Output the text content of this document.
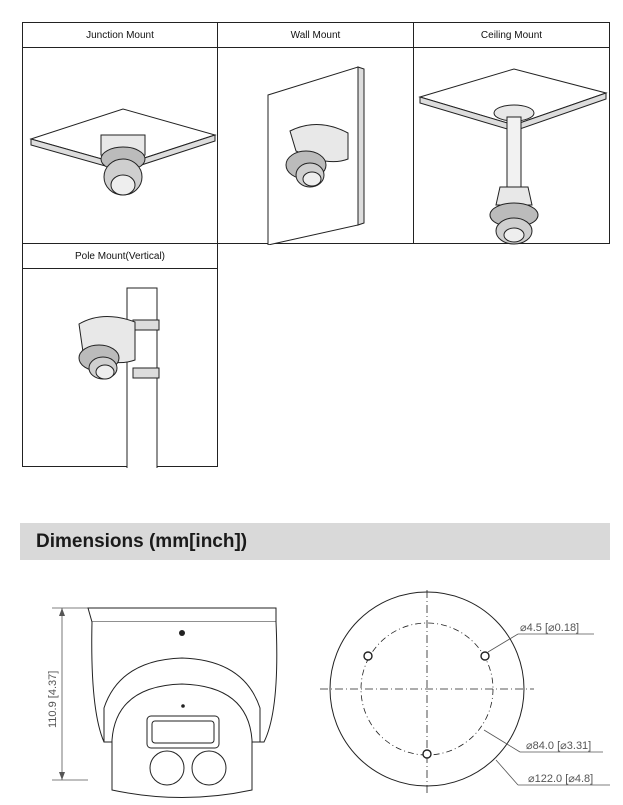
Junction Mount	Wall Mount	Ceiling Mount
Pole Mount(Vertical)
Dimensions (mm[inch])
110.9 [4.37]
⌀4.5 [⌀0.18]
⌀84.0 [⌀3.31]
⌀122.0 [⌀4.8]
